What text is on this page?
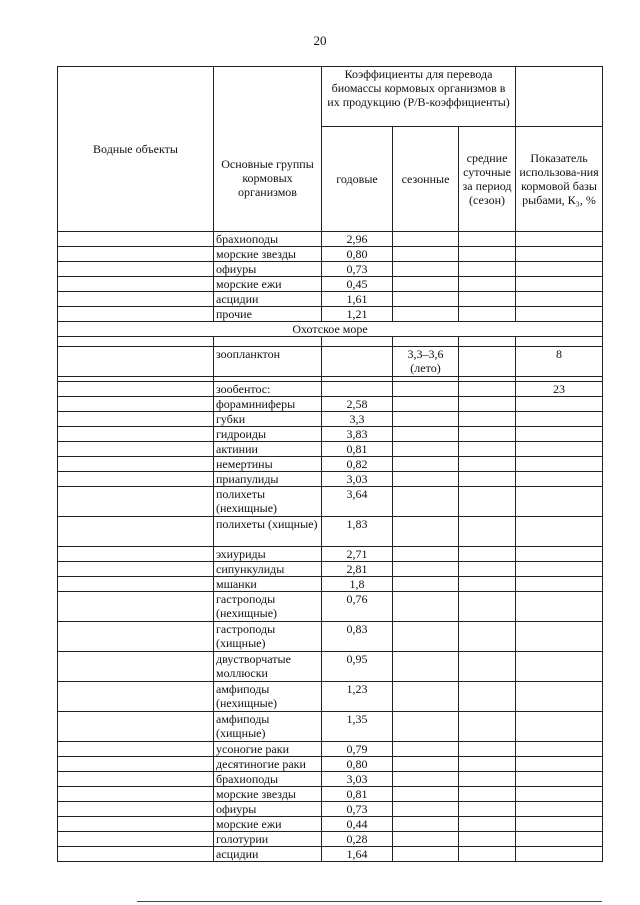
20
Водные объекты	Основные группы кормовых организмов	Коэффициенты для перевода биомассы кормовых организмов в их продукцию (Р/В-коэффициенты)			
		годовые	сезонные	средние суточные за период (сезон)	Показатель использова-ния кормовой базы рыбами, К₃, %
	брахиоподы	2,96			
	морские звезды	0,80			
	офиуры	0,73			
	морские ежи	0,45			
	асцидии	1,61			
	прочие	1,21			
Охотское море					

	зоопланктон		3,3–3,6 (лето)		8

	зообентос:				23
	фораминиферы	2,58			
	губки	3,3			
	гидроиды	3,83			
	актинии	0,81			
	немертины	0,82			
	приапулиды	3,03			
	полихеты (нехищные)	3,64			
	полихеты (хищные)	1,83			
	эхиуриды	2,71			
	сипункулиды	2,81			
	мшанки	1,8			
	гастроподы (нехищные)	0,76			
	гастроподы (хищные)	0,83			
	двустворчатые моллюски	0,95			
	амфиподы (нехищные)	1,23			
	амфиподы (хищные)	1,35			
	усоногие раки	0,79			
	десятиногие раки	0,80			
	брахиоподы	3,03			
	морские звезды	0,81			
	офиуры	0,73			
	морские ежи	0,44			
	голотурии	0,28			
	асцидии	1,64			
